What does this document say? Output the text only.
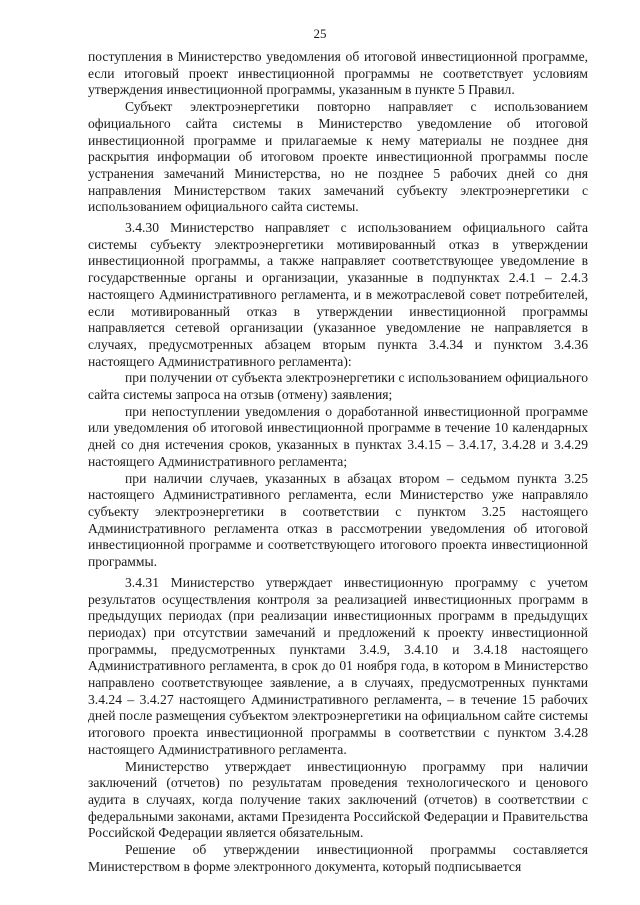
25

поступления в Министерство уведомления об итоговой инвестиционной программе, если итоговый проект инвестиционной программы не соответствует условиям утверждения инвестиционной программы, указанным в пункте 5 Правил.

Субъект электроэнергетики повторно направляет с использованием официального сайта системы в Министерство уведомление об итоговой инвестиционной программе и прилагаемые к нему материалы не позднее дня раскрытия информации об итоговом проекте инвестиционной программы после устранения замечаний Министерства, но не позднее 5 рабочих дней со дня направления Министерством таких замечаний субъекту электроэнергетики с использованием официального сайта системы.

3.4.30 Министерство направляет с использованием официального сайта системы субъекту электроэнергетики мотивированный отказ в утверждении инвестиционной программы, а также направляет соответствующее уведомление в государственные органы и организации, указанные в подпунктах 2.4.1 – 2.4.3 настоящего Административного регламента, и в межотраслевой совет потребителей, если мотивированный отказ в утверждении инвестиционной программы направляется сетевой организации (указанное уведомление не направляется в случаях, предусмотренных абзацем вторым пункта 3.4.34 и пунктом 3.4.36 настоящего Административного регламента):

при получении от субъекта электроэнергетики с использованием официального сайта системы запроса на отзыв (отмену) заявления;

при непоступлении уведомления о доработанной инвестиционной программе или уведомления об итоговой инвестиционной программе в течение 10 календарных дней со дня истечения сроков, указанных в пунктах 3.4.15 – 3.4.17, 3.4.28 и 3.4.29 настоящего Административного регламента;

при наличии случаев, указанных в абзацах втором – седьмом пункта 3.25 настоящего Административного регламента, если Министерство уже направляло субъекту электроэнергетики в соответствии с пунктом 3.25 настоящего Административного регламента отказ в рассмотрении уведомления об итоговой инвестиционной программе и соответствующего итогового проекта инвестиционной программы.

3.4.31 Министерство утверждает инвестиционную программу с учетом результатов осуществления контроля за реализацией инвестиционных программ в предыдущих периодах (при реализации инвестиционных программ в предыдущих периодах) при отсутствии замечаний и предложений к проекту инвестиционной программы, предусмотренных пунктами 3.4.9, 3.4.10 и 3.4.18 настоящего Административного регламента, в срок до 01 ноября года, в котором в Министерство направлено соответствующее заявление, а в случаях, предусмотренных пунктами 3.4.24 – 3.4.27 настоящего Административного регламента, – в течение 15 рабочих дней после размещения субъектом электроэнергетики на официальном сайте системы итогового проекта инвестиционной программы в соответствии с пунктом 3.4.28 настоящего Административного регламента.

Министерство утверждает инвестиционную программу при наличии заключений (отчетов) по результатам проведения технологического и ценового аудита в случаях, когда получение таких заключений (отчетов) в соответствии с федеральными законами, актами Президента Российской Федерации и Правительства Российской Федерации является обязательным.

Решение об утверждении инвестиционной программы составляется Министерством в форме электронного документа, который подписывается
